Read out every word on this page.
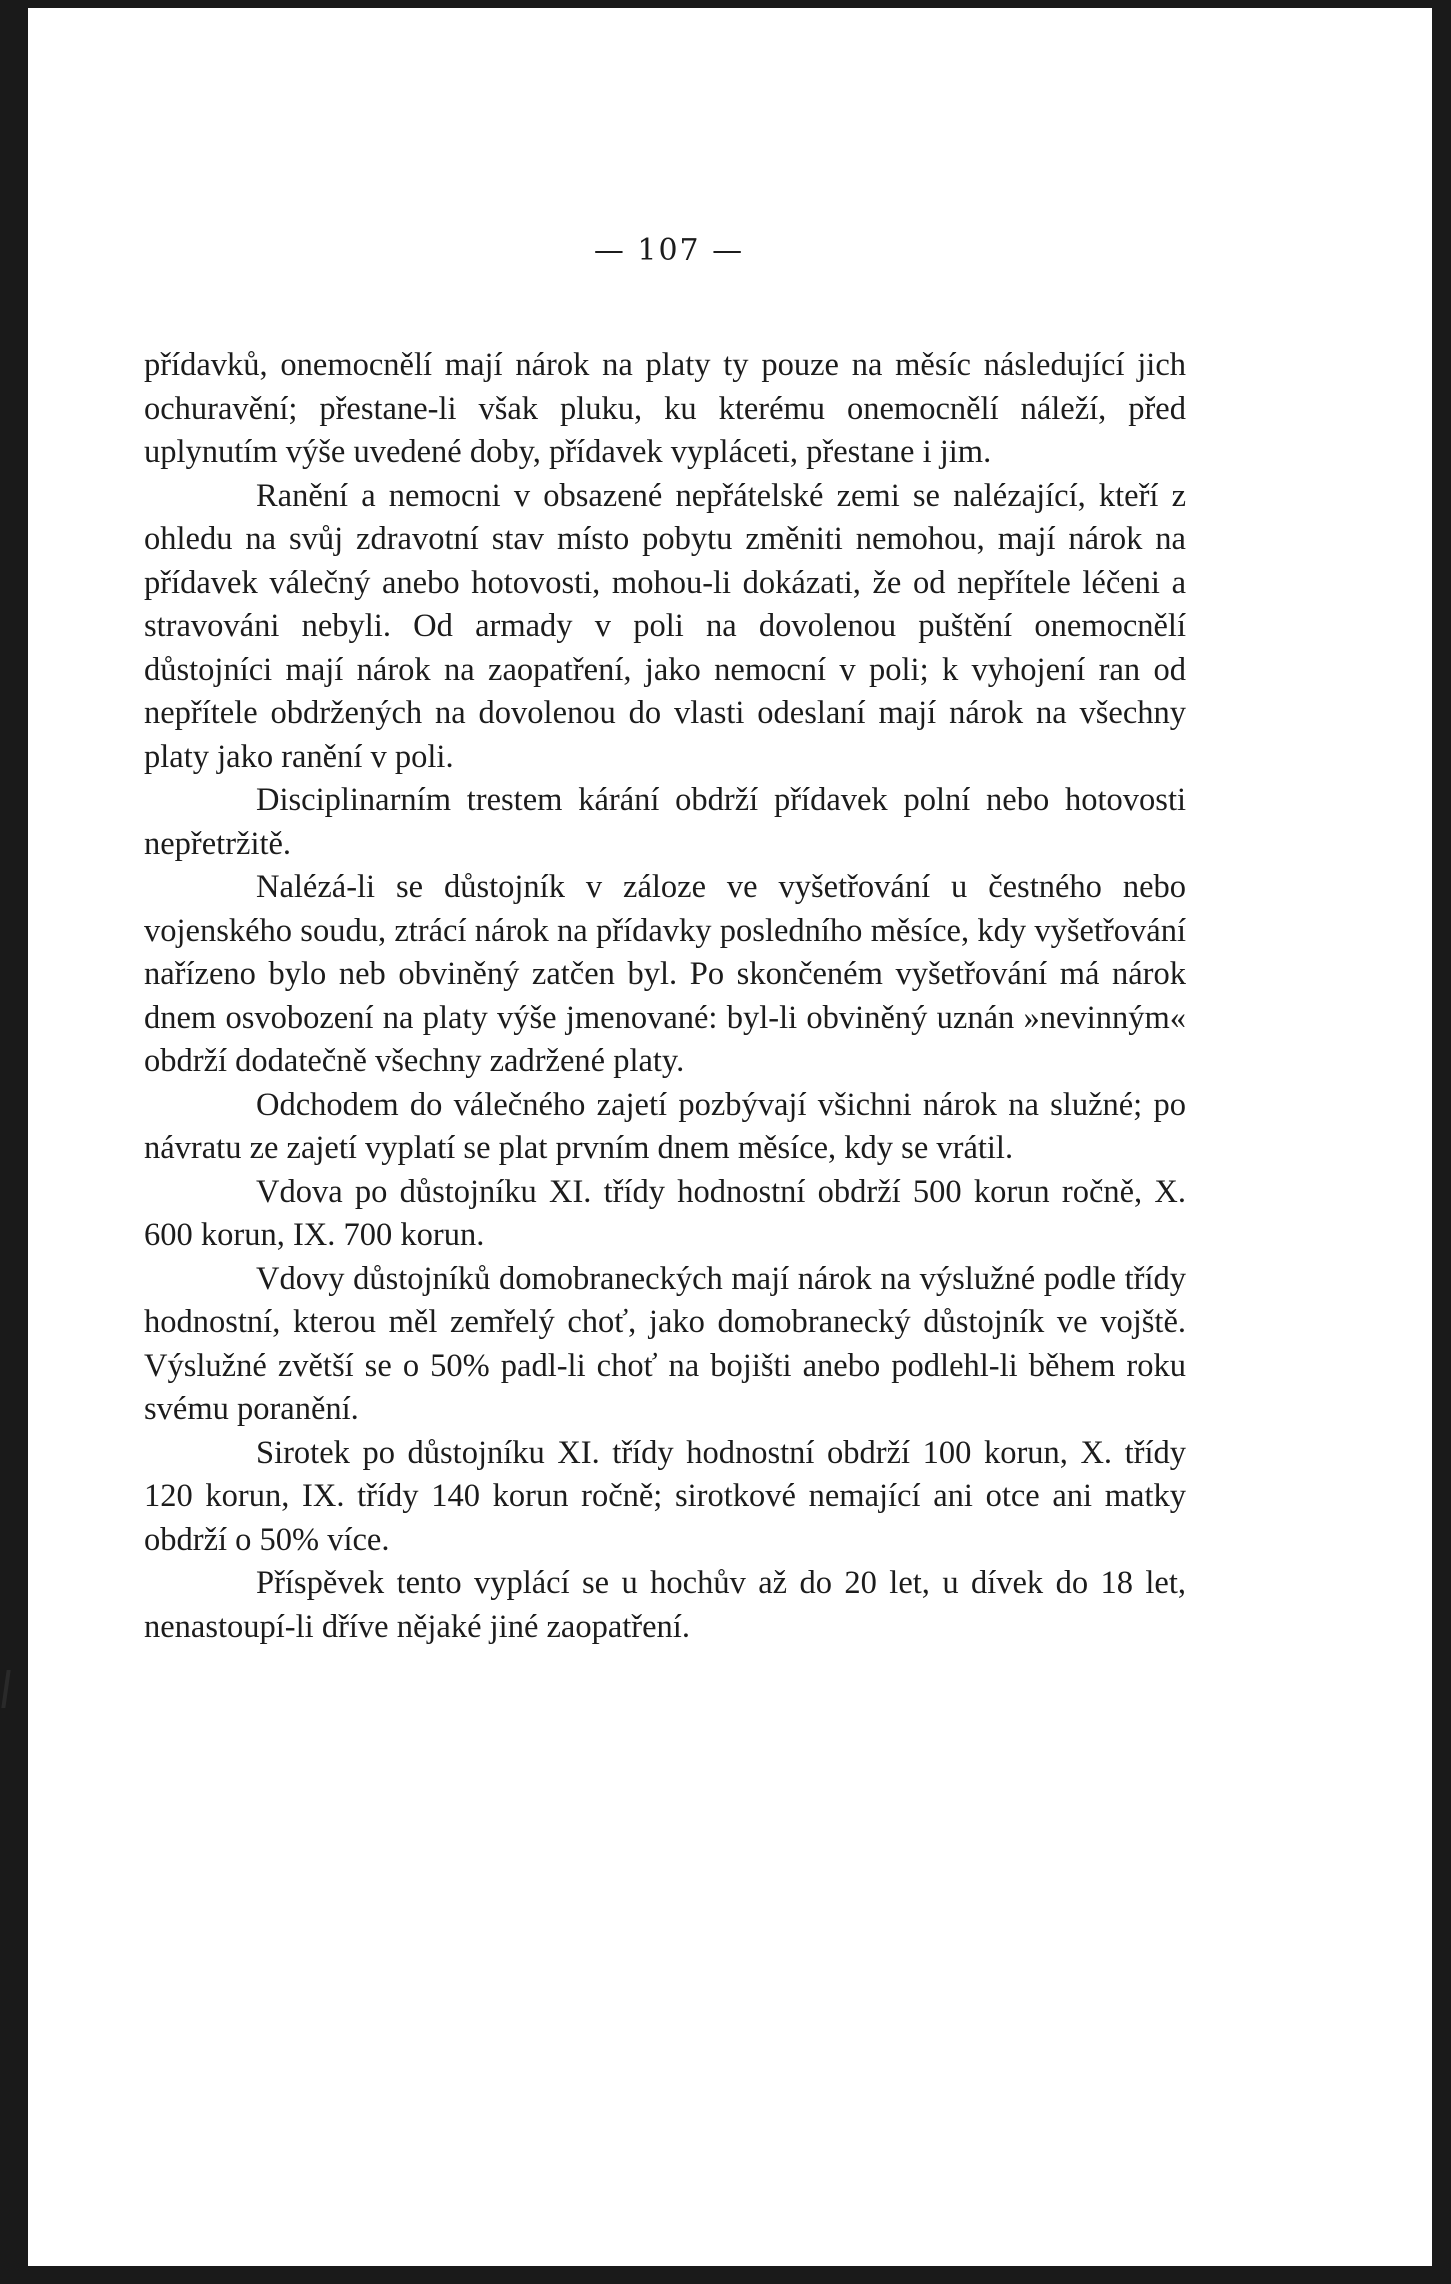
— 107 —

přídavků, onemocnělí mají nárok na platy ty pouze na měsíc následující jich ochuravění; přestane-li však pluku, ku kterému onemocnělí náleží, před uplynutím výše uvedené doby, přídavek vypláceti, přestane i jim.

Ranění a nemocni v obsazené nepřátelské zemi se nalézající, kteří z ohledu na svůj zdravotní stav místo pobytu změniti nemohou, mají nárok na přídavek válečný anebo hotovosti, mohou-li dokázati, že od nepřítele léčeni a stravováni nebyli. Od armady v poli na dovolenou puštění onemocnělí důstojníci mají nárok na zaopatření, jako nemocní v poli; k vyhojení ran od nepřítele obdržených na dovolenou do vlasti odeslaní mají nárok na všechny platy jako ranění v poli.

Disciplinarním trestem kárání obdrží přídavek polní nebo hotovosti nepřetržitě.

Nalézá-li se důstojník v záloze ve vyšetřování u čestného nebo vojenského soudu, ztrácí nárok na přídavky posledního měsíce, kdy vyšetřování nařízeno bylo neb obviněný zatčen byl. Po skončeném vyšetřování má nárok dnem osvobození na platy výše jmenované: byl-li obviněný uznán »nevinným« obdrží dodatečně všechny zadržené platy.

Odchodem do válečného zajetí pozbývají všichni nárok na služné; po návratu ze zajetí vyplatí se plat prvním dnem měsíce, kdy se vrátil.

Vdova po důstojníku XI. třídy hodnostní obdrží 500 korun ročně, X. 600 korun, IX. 700 korun.

Vdovy důstojníků domobraneckých mají nárok na výslužné podle třídy hodnostní, kterou měl zemřelý choť, jako domobranecký důstojník ve vojště. Výslužné zvětší se o 50% padl-li choť na bojišti anebo podlehl-li během roku svému poranění.

Sirotek po důstojníku XI. třídy hodnostní obdrží 100 korun, X. třídy 120 korun, IX. třídy 140 korun ročně; sirotkové nemající ani otce ani matky obdrží o 50% více.

Příspěvek tento vyplácí se u hochův až do 20 let, u dívek do 18 let, nenastoupí-li dříve nějaké jiné zaopatření.
